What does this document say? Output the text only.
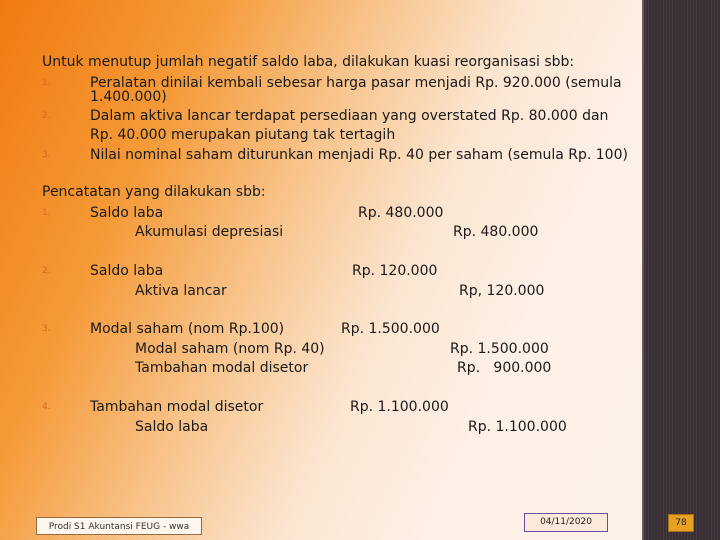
Untuk menutup jumlah negatif saldo laba, dilakukan kuasi reorganisasi sbb:
1.	Peralatan dinilai kembali sebesar harga pasar menjadi Rp. 920.000 (semula
1.400.000)
2.	Dalam aktiva lancar terdapat persediaan yang overstated Rp. 80.000 dan
Rp. 40.000 merupakan piutang tak tertagih
3.	Nilai nominal saham diturunkan menjadi Rp. 40 per saham (semula Rp. 100)
Pencatatan yang dilakukan sbb:
1.	Saldo laba	Rp. 480.000
Akumulasi depresiasi	Rp. 480.000
2.	Saldo laba	Rp. 120.000
Aktiva lancar	Rp, 120.000
3.	Modal saham (nom Rp.100)	Rp. 1.500.000
Modal saham (nom Rp. 40)	Rp. 1.500.000
Tambahan modal disetor	Rp.   900.000
4.	Tambahan modal disetor	Rp. 1.100.000
Saldo laba	Rp. 1.100.000
Prodi S1 Akuntansi FEUG - wwa	04/11/2020	78
